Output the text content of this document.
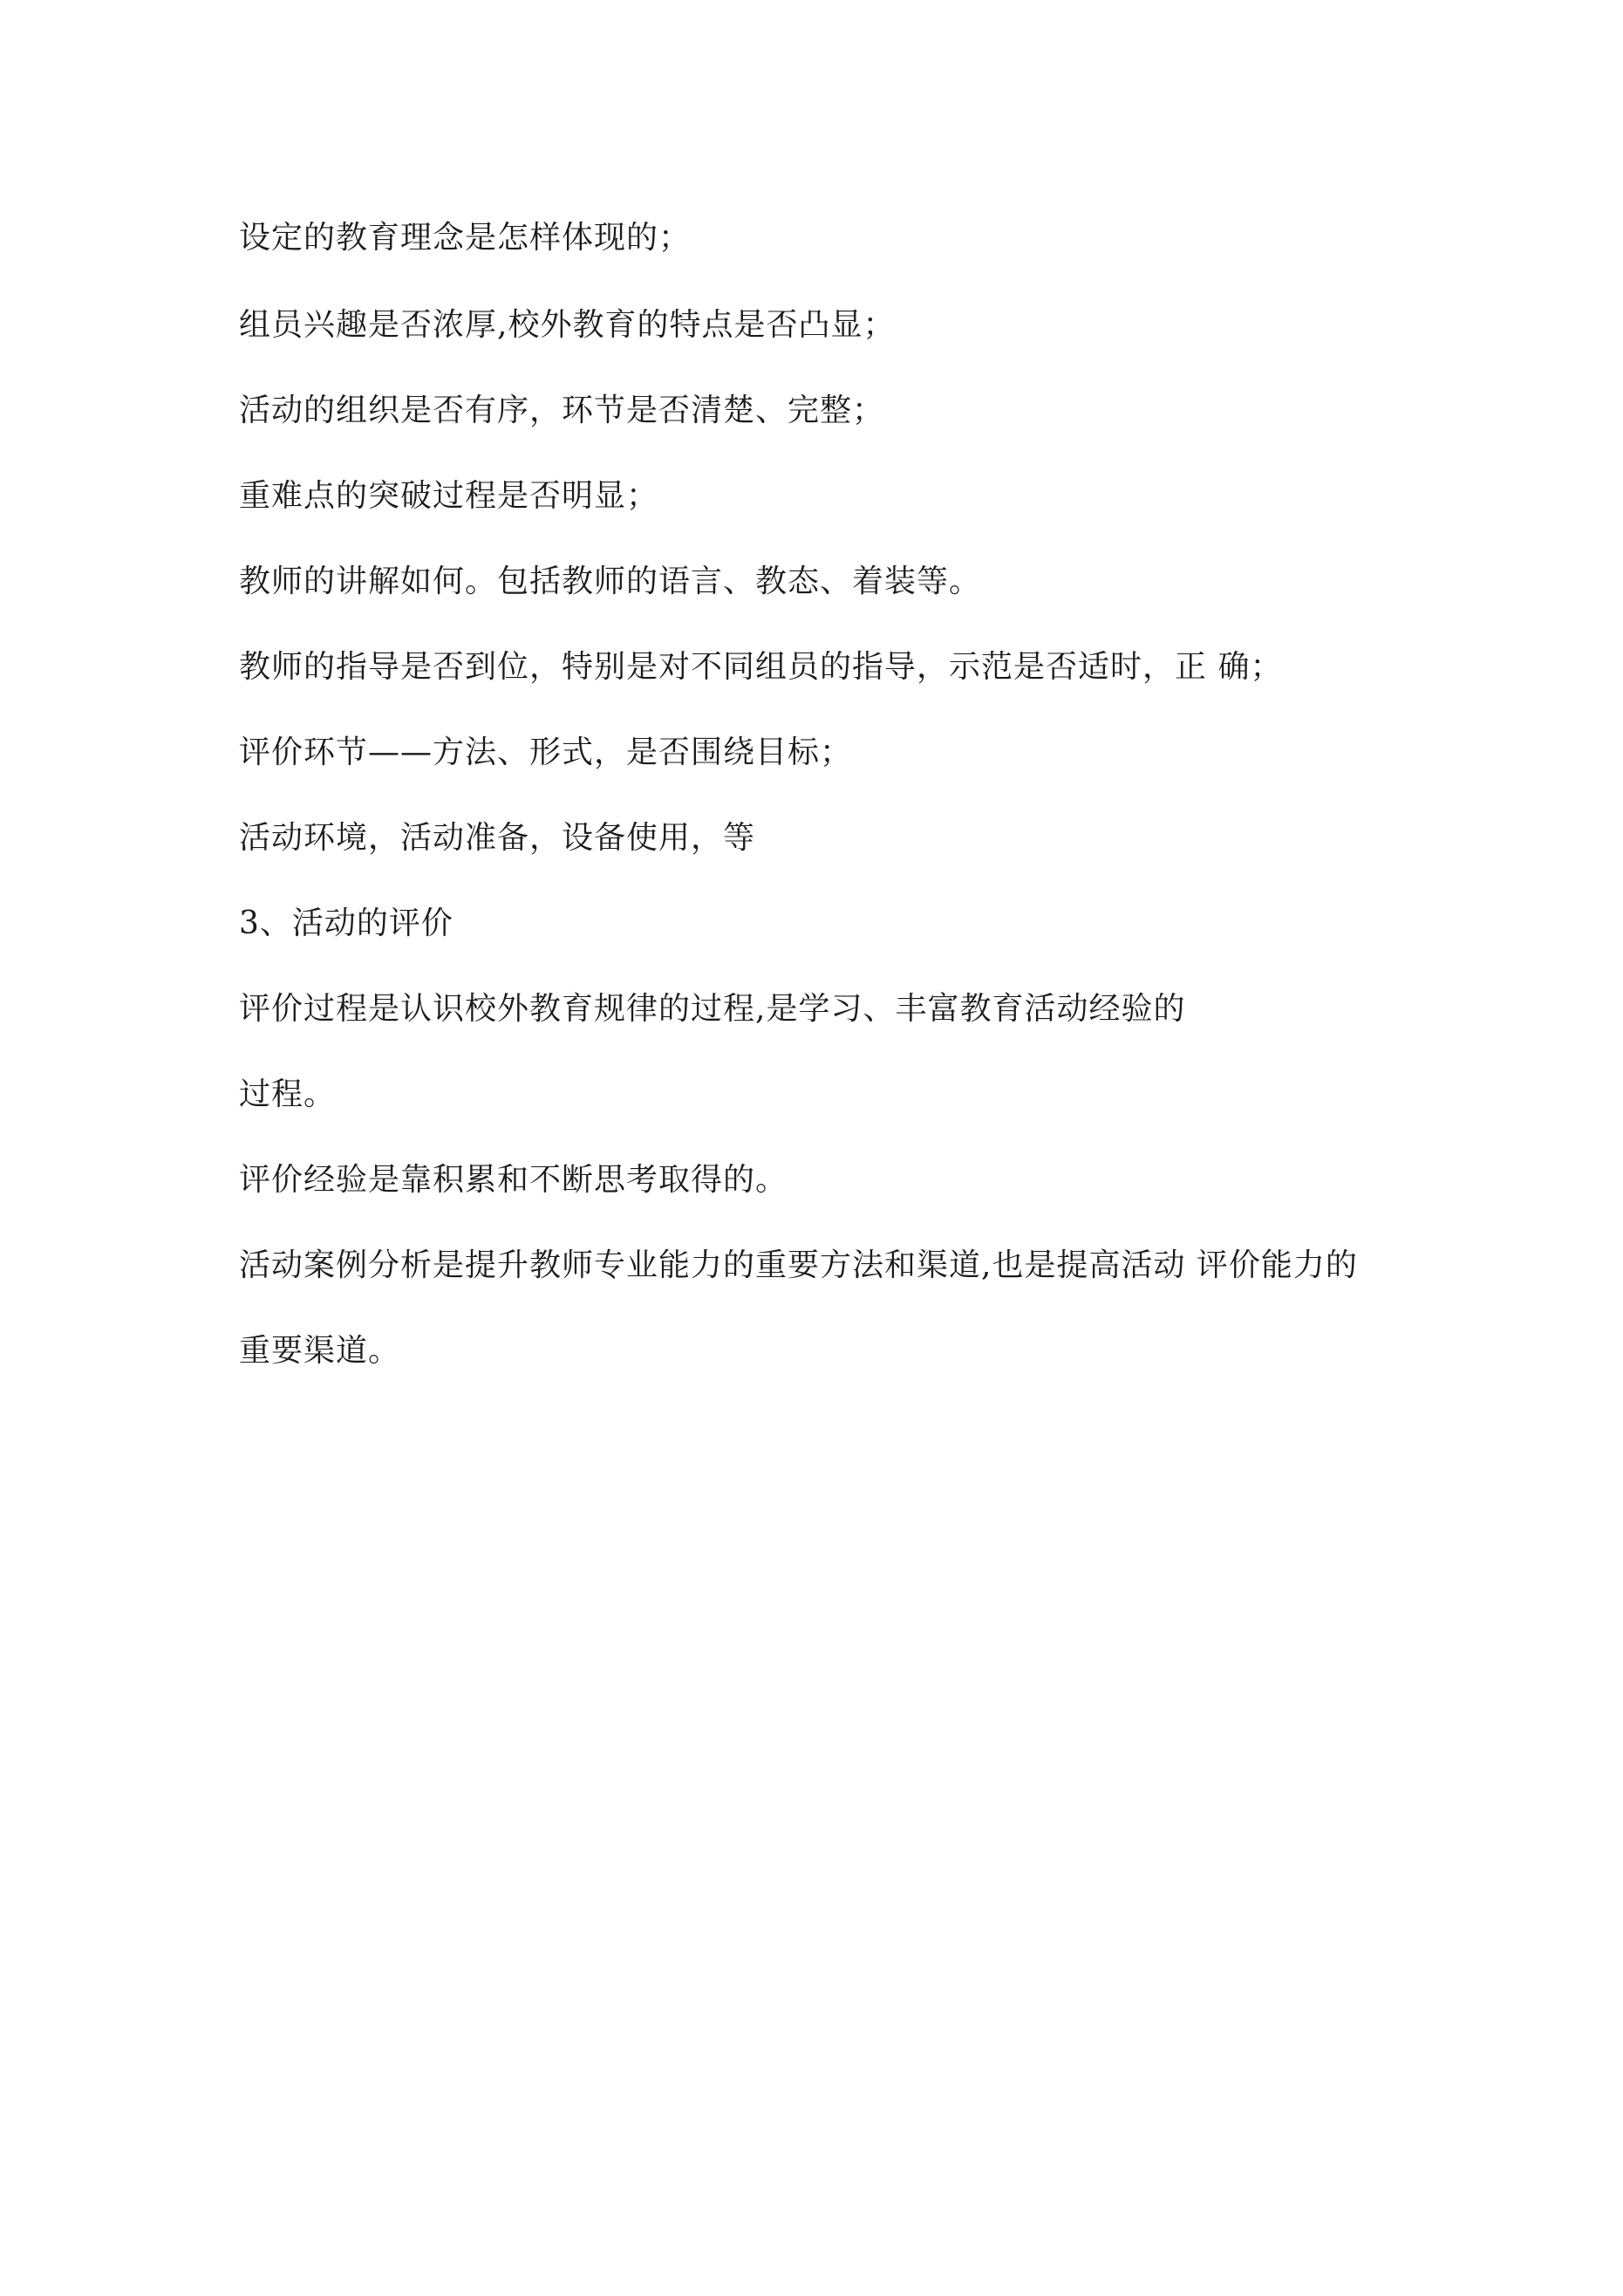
设定的教育理念是怎样体现的；

组员兴趣是否浓厚,校外教育的特点是否凸显；

活动的组织是否有序，环节是否清楚、完整；

重难点的突破过程是否明显；

教师的讲解如何。包括教师的语言、教态、着装等。

教师的指导是否到位，特别是对不同组员的指导，示范是否适时，正 确；

评价环节——方法、形式，是否围绕目标；

活动环境，活动准备，设备使用，等

3、活动的评价

评价过程是认识校外教育规律的过程,是学习、丰富教育活动经验的

过程。

评价经验是靠积累和不断思考取得的。

活动案例分析是提升教师专业能力的重要方法和渠道,也是提高活动 评价能力的

重要渠道。
